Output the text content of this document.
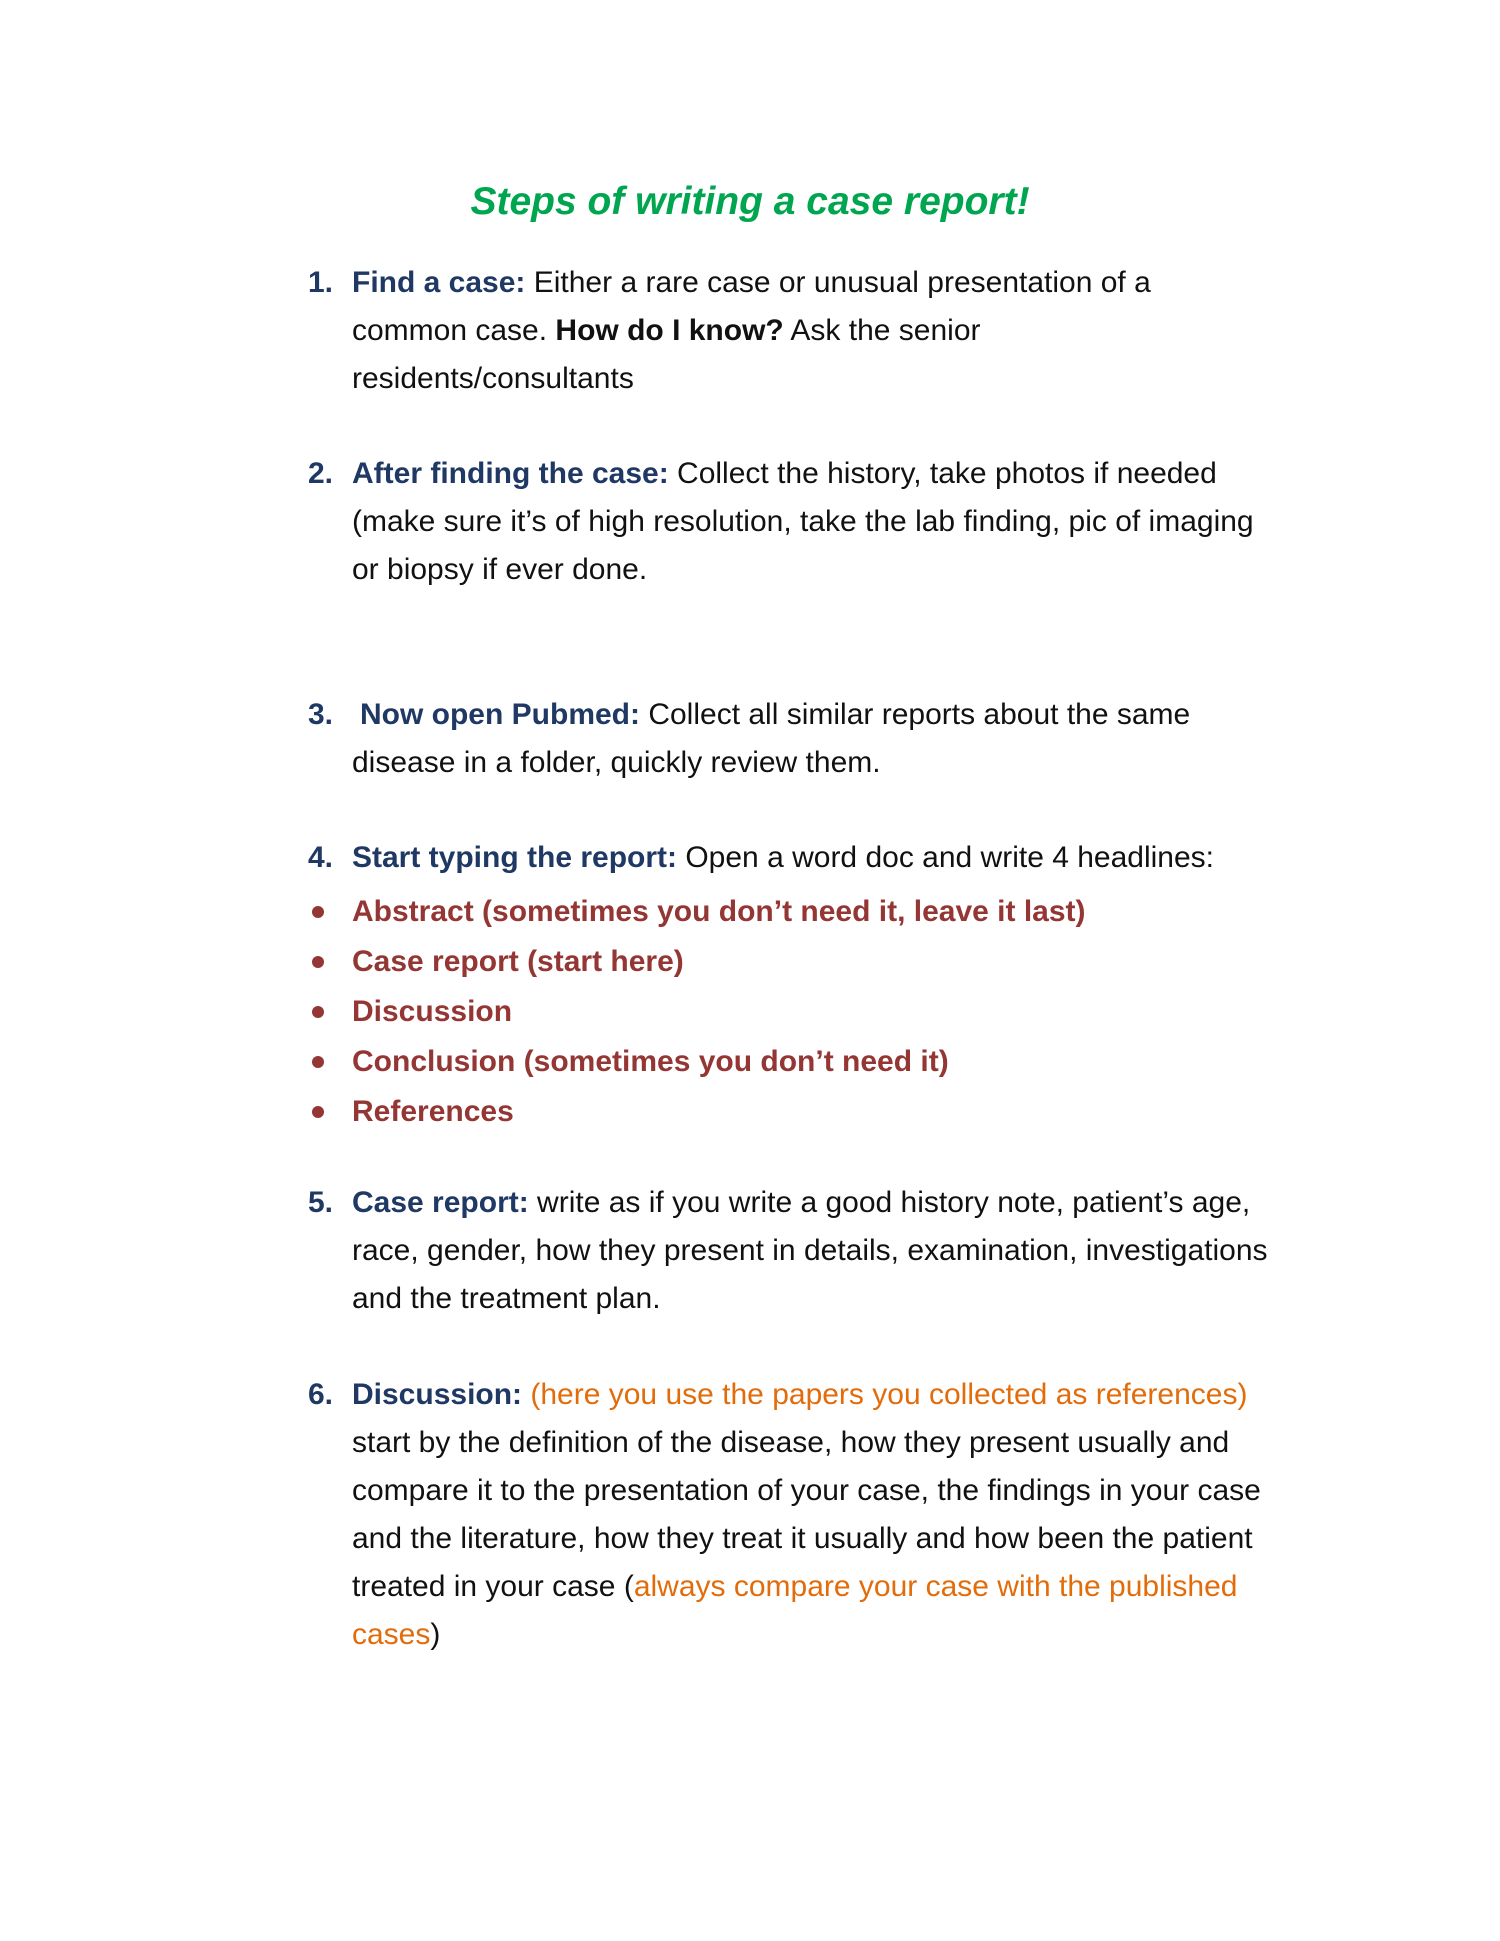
Steps of writing a case report!
1. Find a case: Either a rare case or unusual presentation of a common case. How do I know? Ask the senior residents/consultants
2. After finding the case: Collect the history, take photos if needed (make sure it’s of high resolution, take the lab finding, pic of imaging or biopsy if ever done.
3. Now open Pubmed: Collect all similar reports about the same disease in a folder, quickly review them.
4. Start typing the report: Open a word doc and write 4 headlines:
Abstract (sometimes you don’t need it, leave it last)
Case report (start here)
Discussion
Conclusion (sometimes you don’t need it)
References
5. Case report: write as if you write a good history note, patient’s age, race, gender, how they present in details, examination, investigations and the treatment plan.
6. Discussion: (here you use the papers you collected as references) start by the definition of the disease, how they present usually and compare it to the presentation of your case, the findings in your case and the literature, how they treat it usually and how been the patient treated in your case (always compare your case with the published cases)
